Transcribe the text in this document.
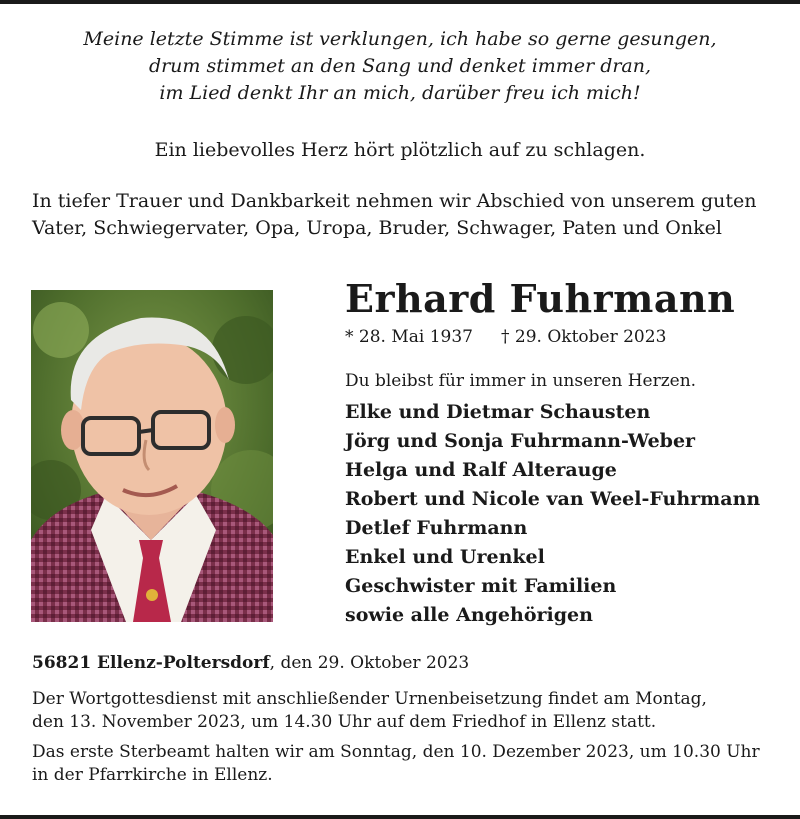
Meine letzte Stimme ist verklungen, ich habe so gerne gesungen,
drum stimmet an den Sang und denket immer dran,
im Lied denkt Ihr an mich, darüber freu ich mich!
Ein liebevolles Herz hört plötzlich auf zu schlagen.
In tiefer Trauer und Dankbarkeit nehmen wir Abschied von unserem guten
Vater, Schwiegervater, Opa, Uropa, Bruder, Schwager, Paten und Onkel
Erhard Fuhrmann
* 28. Mai 1937 † 29. Oktober 2023
Du bleibst für immer in unseren Herzen.
Elke und Dietmar Schausten
Jörg und Sonja Fuhrmann-Weber
Helga und Ralf Alterauge
Robert und Nicole van Weel-Fuhrmann
Detlef Fuhrmann
Enkel und Urenkel
Geschwister mit Familien
sowie alle Angehörigen
56821 Ellenz-Poltersdorf, den 29. Oktober 2023
Der Wortgottesdienst mit anschließender Urnenbeisetzung findet am Montag,
den 13. November 2023, um 14.30 Uhr auf dem Friedhof in Ellenz statt.
Das erste Sterbeamt halten wir am Sonntag, den 10. Dezember 2023, um 10.30 Uhr
in der Pfarrkirche in Ellenz.
